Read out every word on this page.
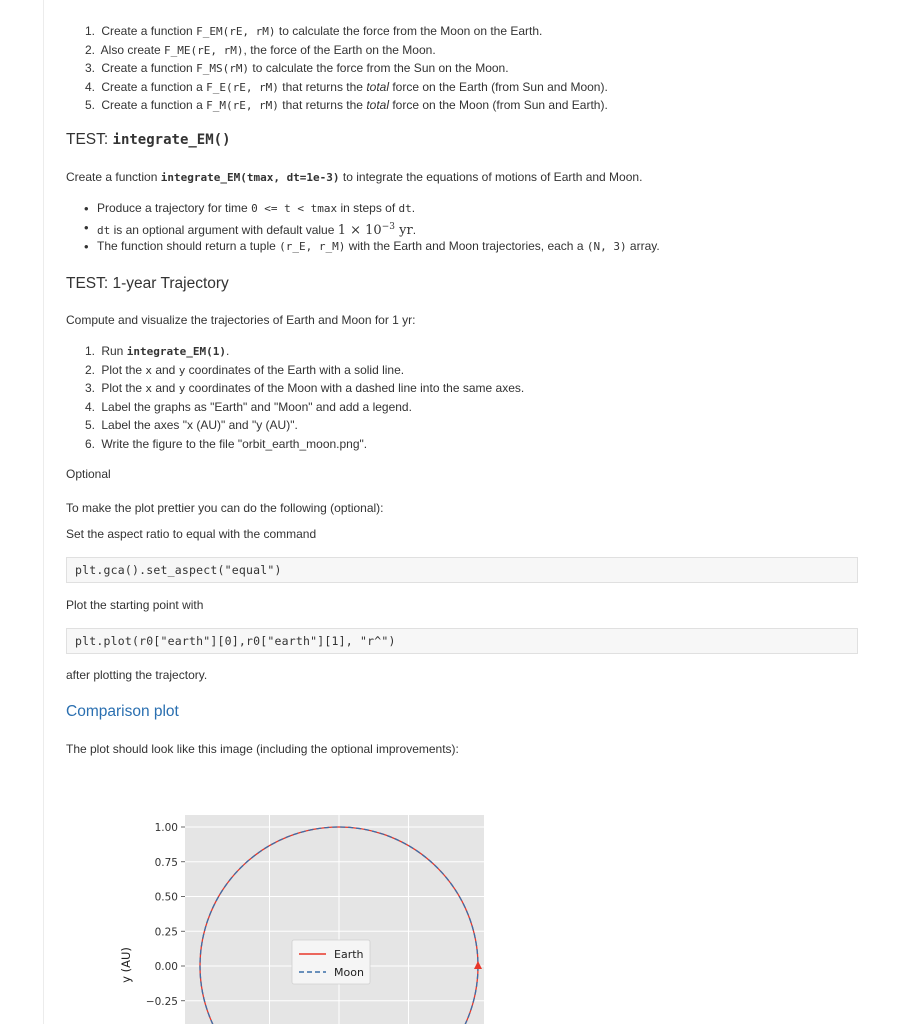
1. Create a function F_EM(rE, rM) to calculate the force from the Moon on the Earth.
2. Also create F_ME(rE, rM), the force of the Earth on the Moon.
3. Create a function F_MS(rM) to calculate the force from the Sun on the Moon.
4. Create a function a F_E(rE, rM) that returns the total force on the Earth (from Sun and Moon).
5. Create a function a F_M(rE, rM) that returns the total force on the Moon (from Sun and Earth).
TEST: integrate_EM()
Create a function integrate_EM(tmax, dt=1e-3) to integrate the equations of motions of Earth and Moon.
• Produce a trajectory for time 0 <= t < tmax in steps of dt.
• dt is an optional argument with default value $1 \times 10^{-3}$ yr.
• The function should return a tuple (r_E, r_M) with the Earth and Moon trajectories, each a (N, 3) array.
TEST: 1-year Trajectory
Compute and visualize the trajectories of Earth and Moon for 1 yr:
1. Run integrate_EM(1).
2. Plot the x and y coordinates of the Earth with a solid line.
3. Plot the x and y coordinates of the Moon with a dashed line into the same axes.
4. Label the graphs as "Earth" and "Moon" and add a legend.
5. Label the axes "x (AU)" and "y (AU)".
6. Write the figure to the file "orbit_earth_moon.png".
Optional
To make the plot prettier you can do the following (optional):
Set the aspect ratio to equal with the command
plt.gca().set_aspect("equal")
Plot the starting point with
plt.plot(r0["earth"][0],r0["earth"][1], "r^")
after plotting the trajectory.
Comparison plot
The plot should look like this image (including the optional improvements):
1.00
0.75
0.50
0.25
0.00
−0.25
y (AU)	Earth
Moon
